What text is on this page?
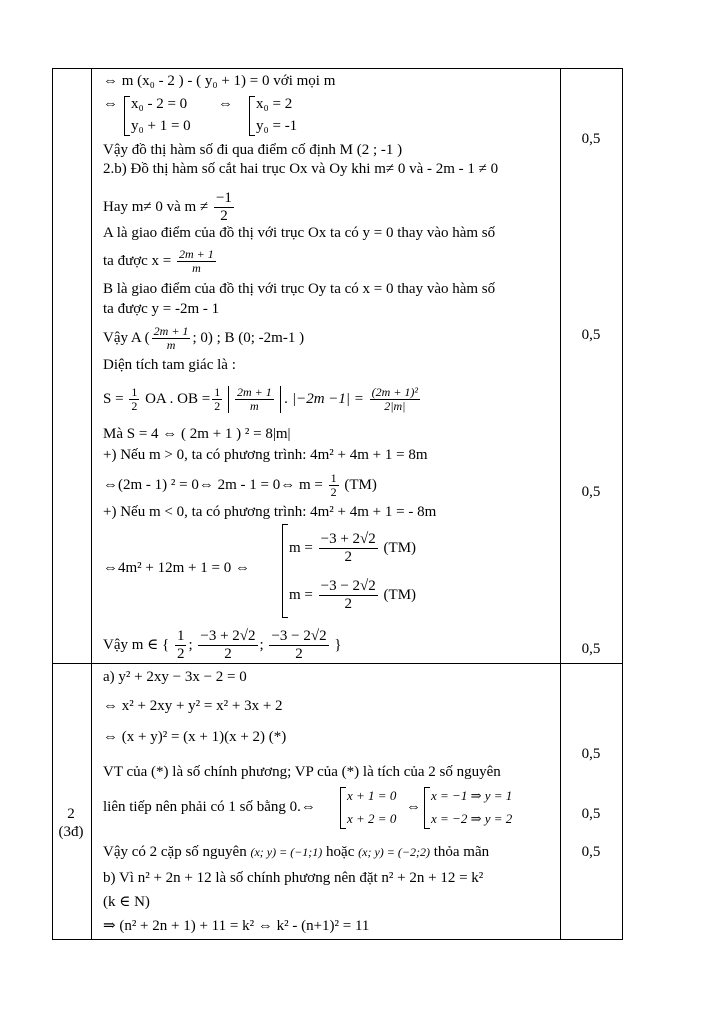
⇔ m (x₀ - 2 ) - ( y₀ + 1) = 0 với mọi m
⇔ x₀ - 2 = 0 ⇔ x₀ = 2
y₀ + 1 = 0	y₀ = -1
Vậy đồ thị hàm số đi qua điểm cố định M (2 ; -1 )
2.b) Đồ thị hàm số cắt hai trục Ox và Oy khi m≠ 0 và - 2m - 1 ≠ 0
Hay m≠ 0 và $m \ne \frac{-1}{2}$
A là giao điểm của đồ thị với trục Ox ta có y = 0 thay vào hàm số
ta được $x = \frac{2m + 1}{m}$
B là giao điểm của đồ thị với trục Oy ta có x = 0 thay vào hàm số
ta được y = -2m - 1
Vậy A ( $\frac{2m + 1}{m}$ ; 0) ; B (0; -2m-1 )
Diện tích tam giác là :
$S = \frac{1}{2}$ OA . OB = $\frac{1}{2}$
$\frac{2m + 1}{m}$ . $|-2m -1| = \frac{\text{(2m + 1)²}}{2|m|}$
Mà S = 4 ⇔ ( 2m + 1 ) ² = 8|m|
+) Nếu m > 0, ta có phương trình: 4m² + 4m + 1 = 8m
⇔(2m - 1) ² = 0⇔ 2m - 1 = 0⇔ $m = \frac{1}{2} (TM)$
+) Nếu m < 0, ta có phương trình: 4m² + 4m + 1 = - 8m
⇔4m² + 12m + 1 = 0 ⇔
$m = \frac{-3 + 2√2}{2} (TM)$
$m = \frac{-3 - 2√2}{2} (TM)$
Vậy m ∈ { $\frac{1}{2}$ ; $\frac{-3 + 2√2}{2}$ ; $\frac{-3 - 2√2}{2}$ }
0,5
0,5
0,5
0,5
2
(3đ)
a) y² + 2xy − 3x − 2 = 0
⇔ x² + 2xy + y² = x² + 3x + 2
⇔ (x + y)² = (x + 1)(x + 2) (*)
VT của (*) là số chính phương; VP của (*) là tích của 2 số nguyên
liên tiếp nên phải có 1 số bằng 0.⇔
x + 1 = 0
x + 2 = 0
⇔
x = −1 ⇒ y = 1
x = −2 ⇒ y = 2
Vậy có 2 cặp số nguyên (x; y) = (−1;1) hoặc (x; y) = (−2;2) thỏa mãn
b) Vì n² + 2n + 12 là số chính phương nên đặt n² + 2n + 12 = k²
(k ∈ N)
⇒ (n² + 2n + 1) + 11 = k² ⇔ k² - (n+1)² = 11
0,5
0,5
0,5
